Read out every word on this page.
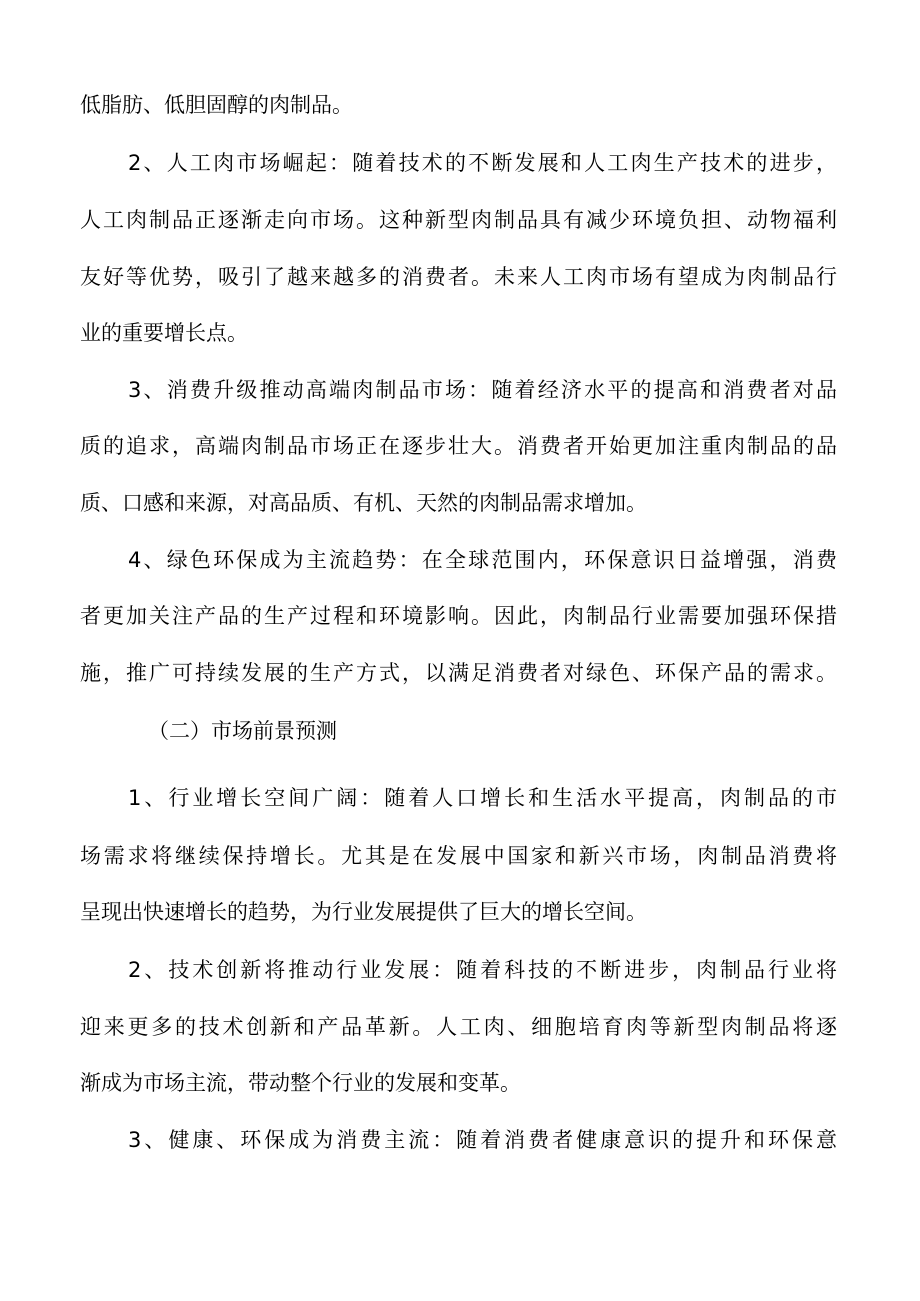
低脂肪、低胆固醇的肉制品。
2、人工肉市场崛起：随着技术的不断发展和人工肉生产技术的进步，
人工肉制品正逐渐走向市场。这种新型肉制品具有减少环境负担、动物福利
友好等优势，吸引了越来越多的消费者。未来人工肉市场有望成为肉制品行
业的重要增长点。
3、消费升级推动高端肉制品市场：随着经济水平的提高和消费者对品
质的追求，高端肉制品市场正在逐步壮大。消费者开始更加注重肉制品的品
质、口感和来源，对高品质、有机、天然的肉制品需求增加。
4、绿色环保成为主流趋势：在全球范围内，环保意识日益增强，消费
者更加关注产品的生产过程和环境影响。因此，肉制品行业需要加强环保措
施，推广可持续发展的生产方式，以满足消费者对绿色、环保产品的需求。
（二）市场前景预测
1、行业增长空间广阔：随着人口增长和生活水平提高，肉制品的市
场需求将继续保持增长。尤其是在发展中国家和新兴市场，肉制品消费将
呈现出快速增长的趋势，为行业发展提供了巨大的增长空间。
2、技术创新将推动行业发展：随着科技的不断进步，肉制品行业将
迎来更多的技术创新和产品革新。人工肉、细胞培育肉等新型肉制品将逐
渐成为市场主流，带动整个行业的发展和变革。
3、健康、环保成为消费主流：随着消费者健康意识的提升和环保意
